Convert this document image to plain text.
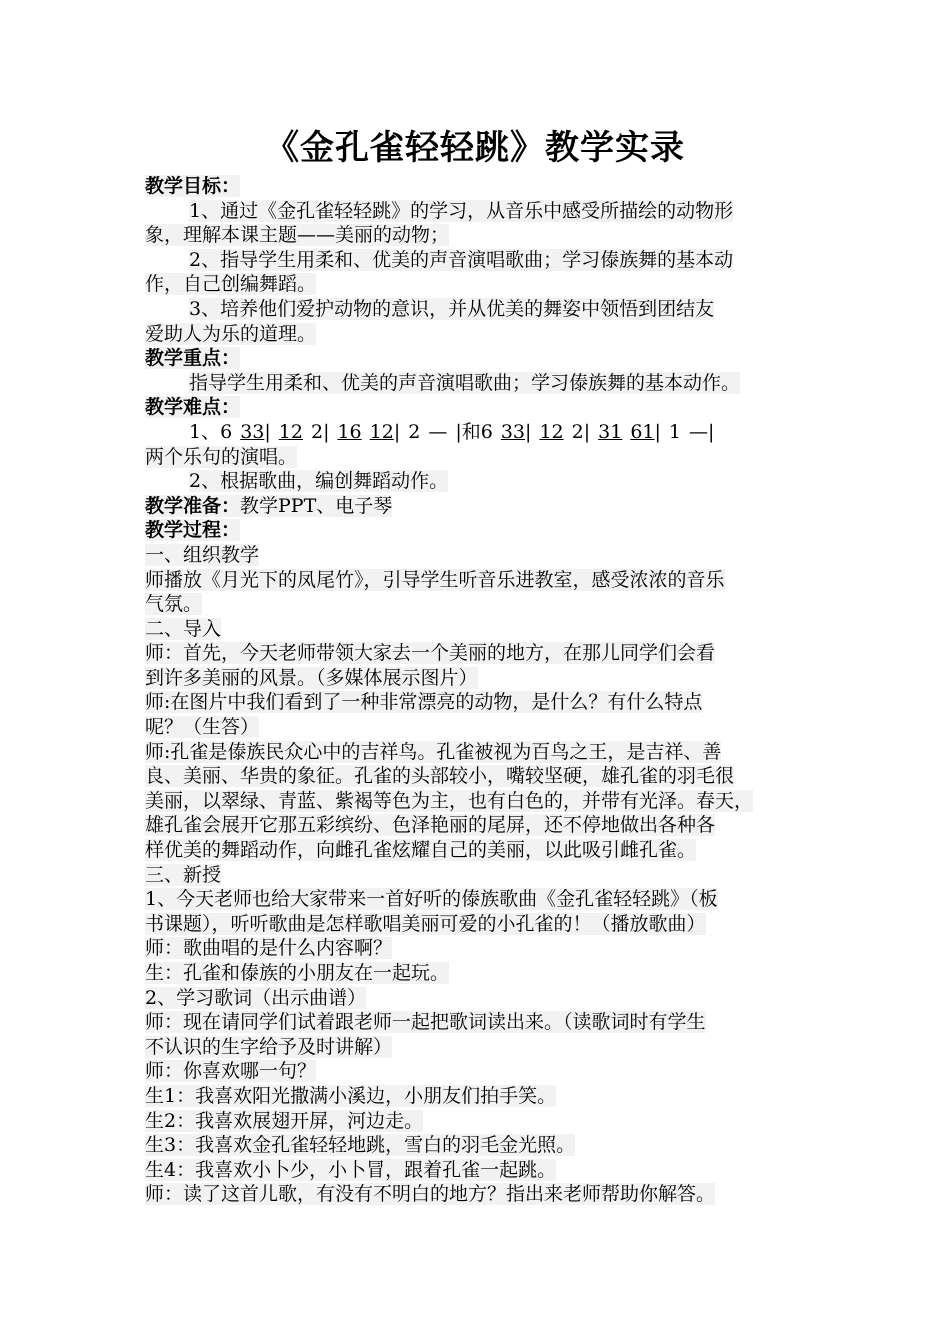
《金孔雀轻轻跳》教学实录
教学目标：
1、通过《金孔雀轻轻跳》的学习，从音乐中感受所描绘的动物形
象，理解本课主题——美丽的动物；
2、指导学生用柔和、优美的声音演唱歌曲；学习傣族舞的基本动
作，自己创编舞蹈。
3、培养他们爱护动物的意识，并从优美的舞姿中领悟到团结友
爱助人为乐的道理。
教学重点：
指导学生用柔和、优美的声音演唱歌曲；学习傣族舞的基本动作。
教学难点：
1、6 33| 12 2| 16 12| 2 — |和6 33| 12 2| 31 61| 1 —|
两个乐句的演唱。
2、根据歌曲，编创舞蹈动作。
教学准备：教学PPT、电子琴
教学过程：
一、组织教学
师播放《月光下的凤尾竹》，引导学生听音乐进教室，感受浓浓的音乐
气氛。
二、导入
师：首先，今天老师带领大家去一个美丽的地方，在那儿同学们会看
到许多美丽的风景。（多媒体展示图片）
师:在图片中我们看到了一种非常漂亮的动物，是什么？有什么特点
呢？（生答）
师:孔雀是傣族民众心中的吉祥鸟。孔雀被视为百鸟之王，是吉祥、善
良、美丽、华贵的象征。孔雀的头部较小，嘴较坚硬，雄孔雀的羽毛很
美丽，以翠绿、青蓝、紫褐等色为主，也有白色的，并带有光泽。春天，
雄孔雀会展开它那五彩缤纷、色泽艳丽的尾屏，还不停地做出各种各
样优美的舞蹈动作，向雌孔雀炫耀自己的美丽，以此吸引雌孔雀。
三、新授
1、今天老师也给大家带来一首好听的傣族歌曲《金孔雀轻轻跳》（板
书课题），听听歌曲是怎样歌唱美丽可爱的小孔雀的！（播放歌曲）
师：歌曲唱的是什么内容啊？
生：孔雀和傣族的小朋友在一起玩。
2、学习歌词（出示曲谱）
师：现在请同学们试着跟老师一起把歌词读出来。（读歌词时有学生
不认识的生字给予及时讲解）
师：你喜欢哪一句？
生1：我喜欢阳光撒满小溪边，小朋友们拍手笑。
生2：我喜欢展翅开屏，河边走。
生3：我喜欢金孔雀轻轻地跳，雪白的羽毛金光照。
生4：我喜欢小卜少，小卜冒，跟着孔雀一起跳。
师：读了这首儿歌，有没有不明白的地方？指出来老师帮助你解答。
